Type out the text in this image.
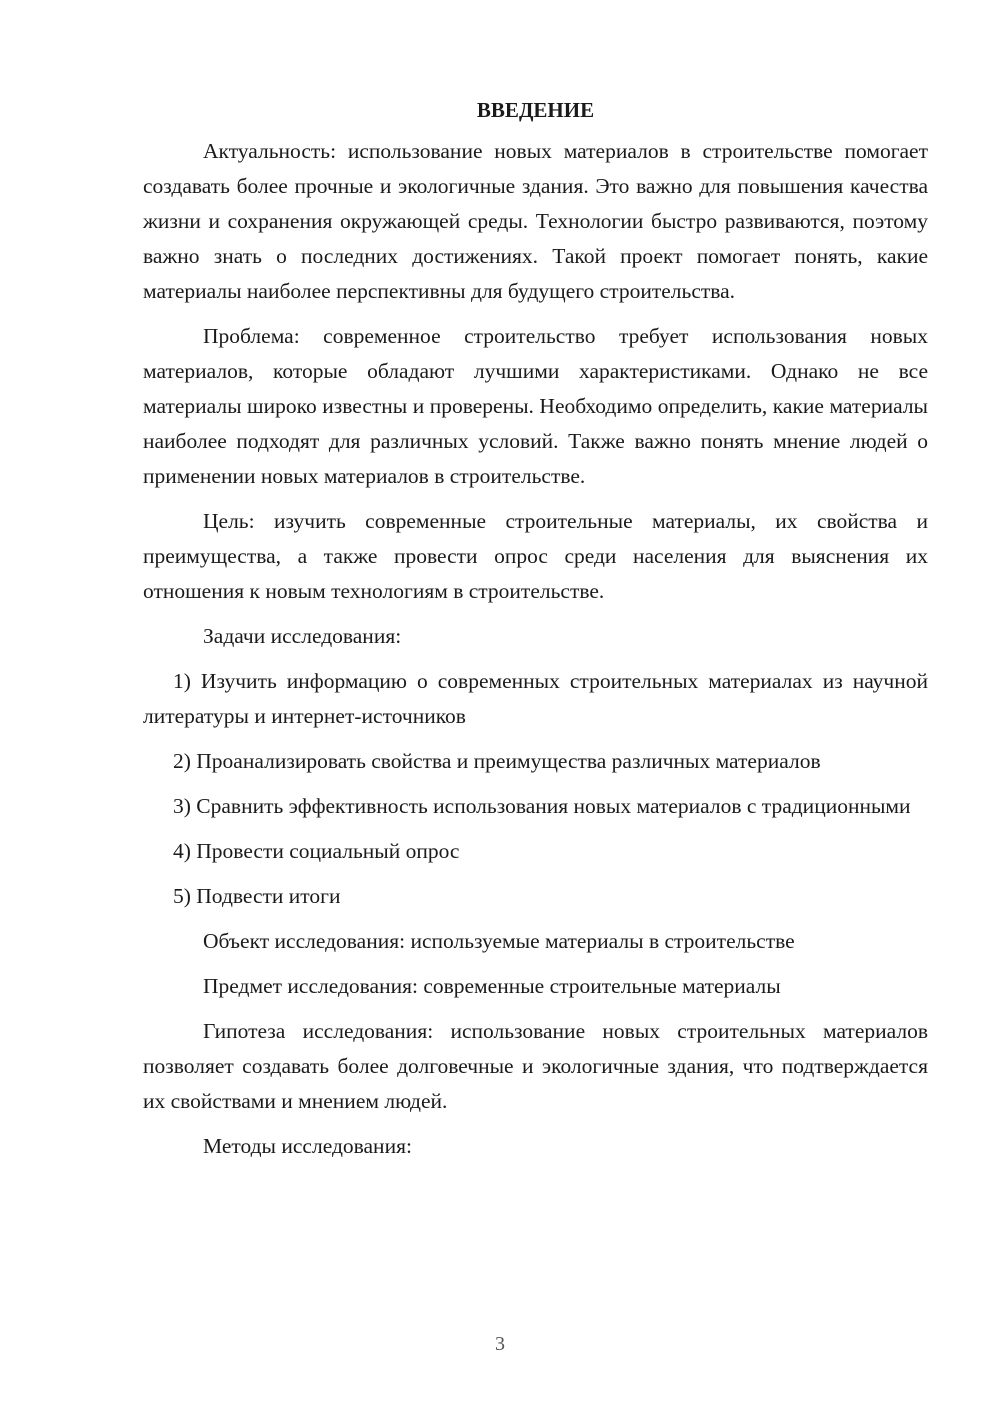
ВВЕДЕНИЕ

Актуальность: использование новых материалов в строительстве помогает создавать более прочные и экологичные здания. Это важно для повышения качества жизни и сохранения окружающей среды. Технологии быстро развиваются, поэтому важно знать о последних достижениях. Такой проект помогает понять, какие материалы наиболее перспективны для будущего строительства.

Проблема: современное строительство требует использования новых материалов, которые обладают лучшими характеристиками. Однако не все материалы широко известны и проверены. Необходимо определить, какие материалы наиболее подходят для различных условий. Также важно понять мнение людей о применении новых материалов в строительстве.

Цель: изучить современные строительные материалы, их свойства и преимущества, а также провести опрос среди населения для выяснения их отношения к новым технологиям в строительстве.

Задачи исследования:

1) Изучить информацию о современных строительных материалах из научной литературы и интернет-источников

2) Проанализировать свойства и преимущества различных материалов

3) Сравнить эффективность использования новых материалов с традиционными

4) Провести социальный опрос

5) Подвести итоги

Объект исследования: используемые материалы в строительстве

Предмет исследования: современные строительные материалы

Гипотеза исследования: использование новых строительных материалов позволяет создавать более долговечные и экологичные здания, что подтверждается их свойствами и мнением людей.

Методы исследования:

3
